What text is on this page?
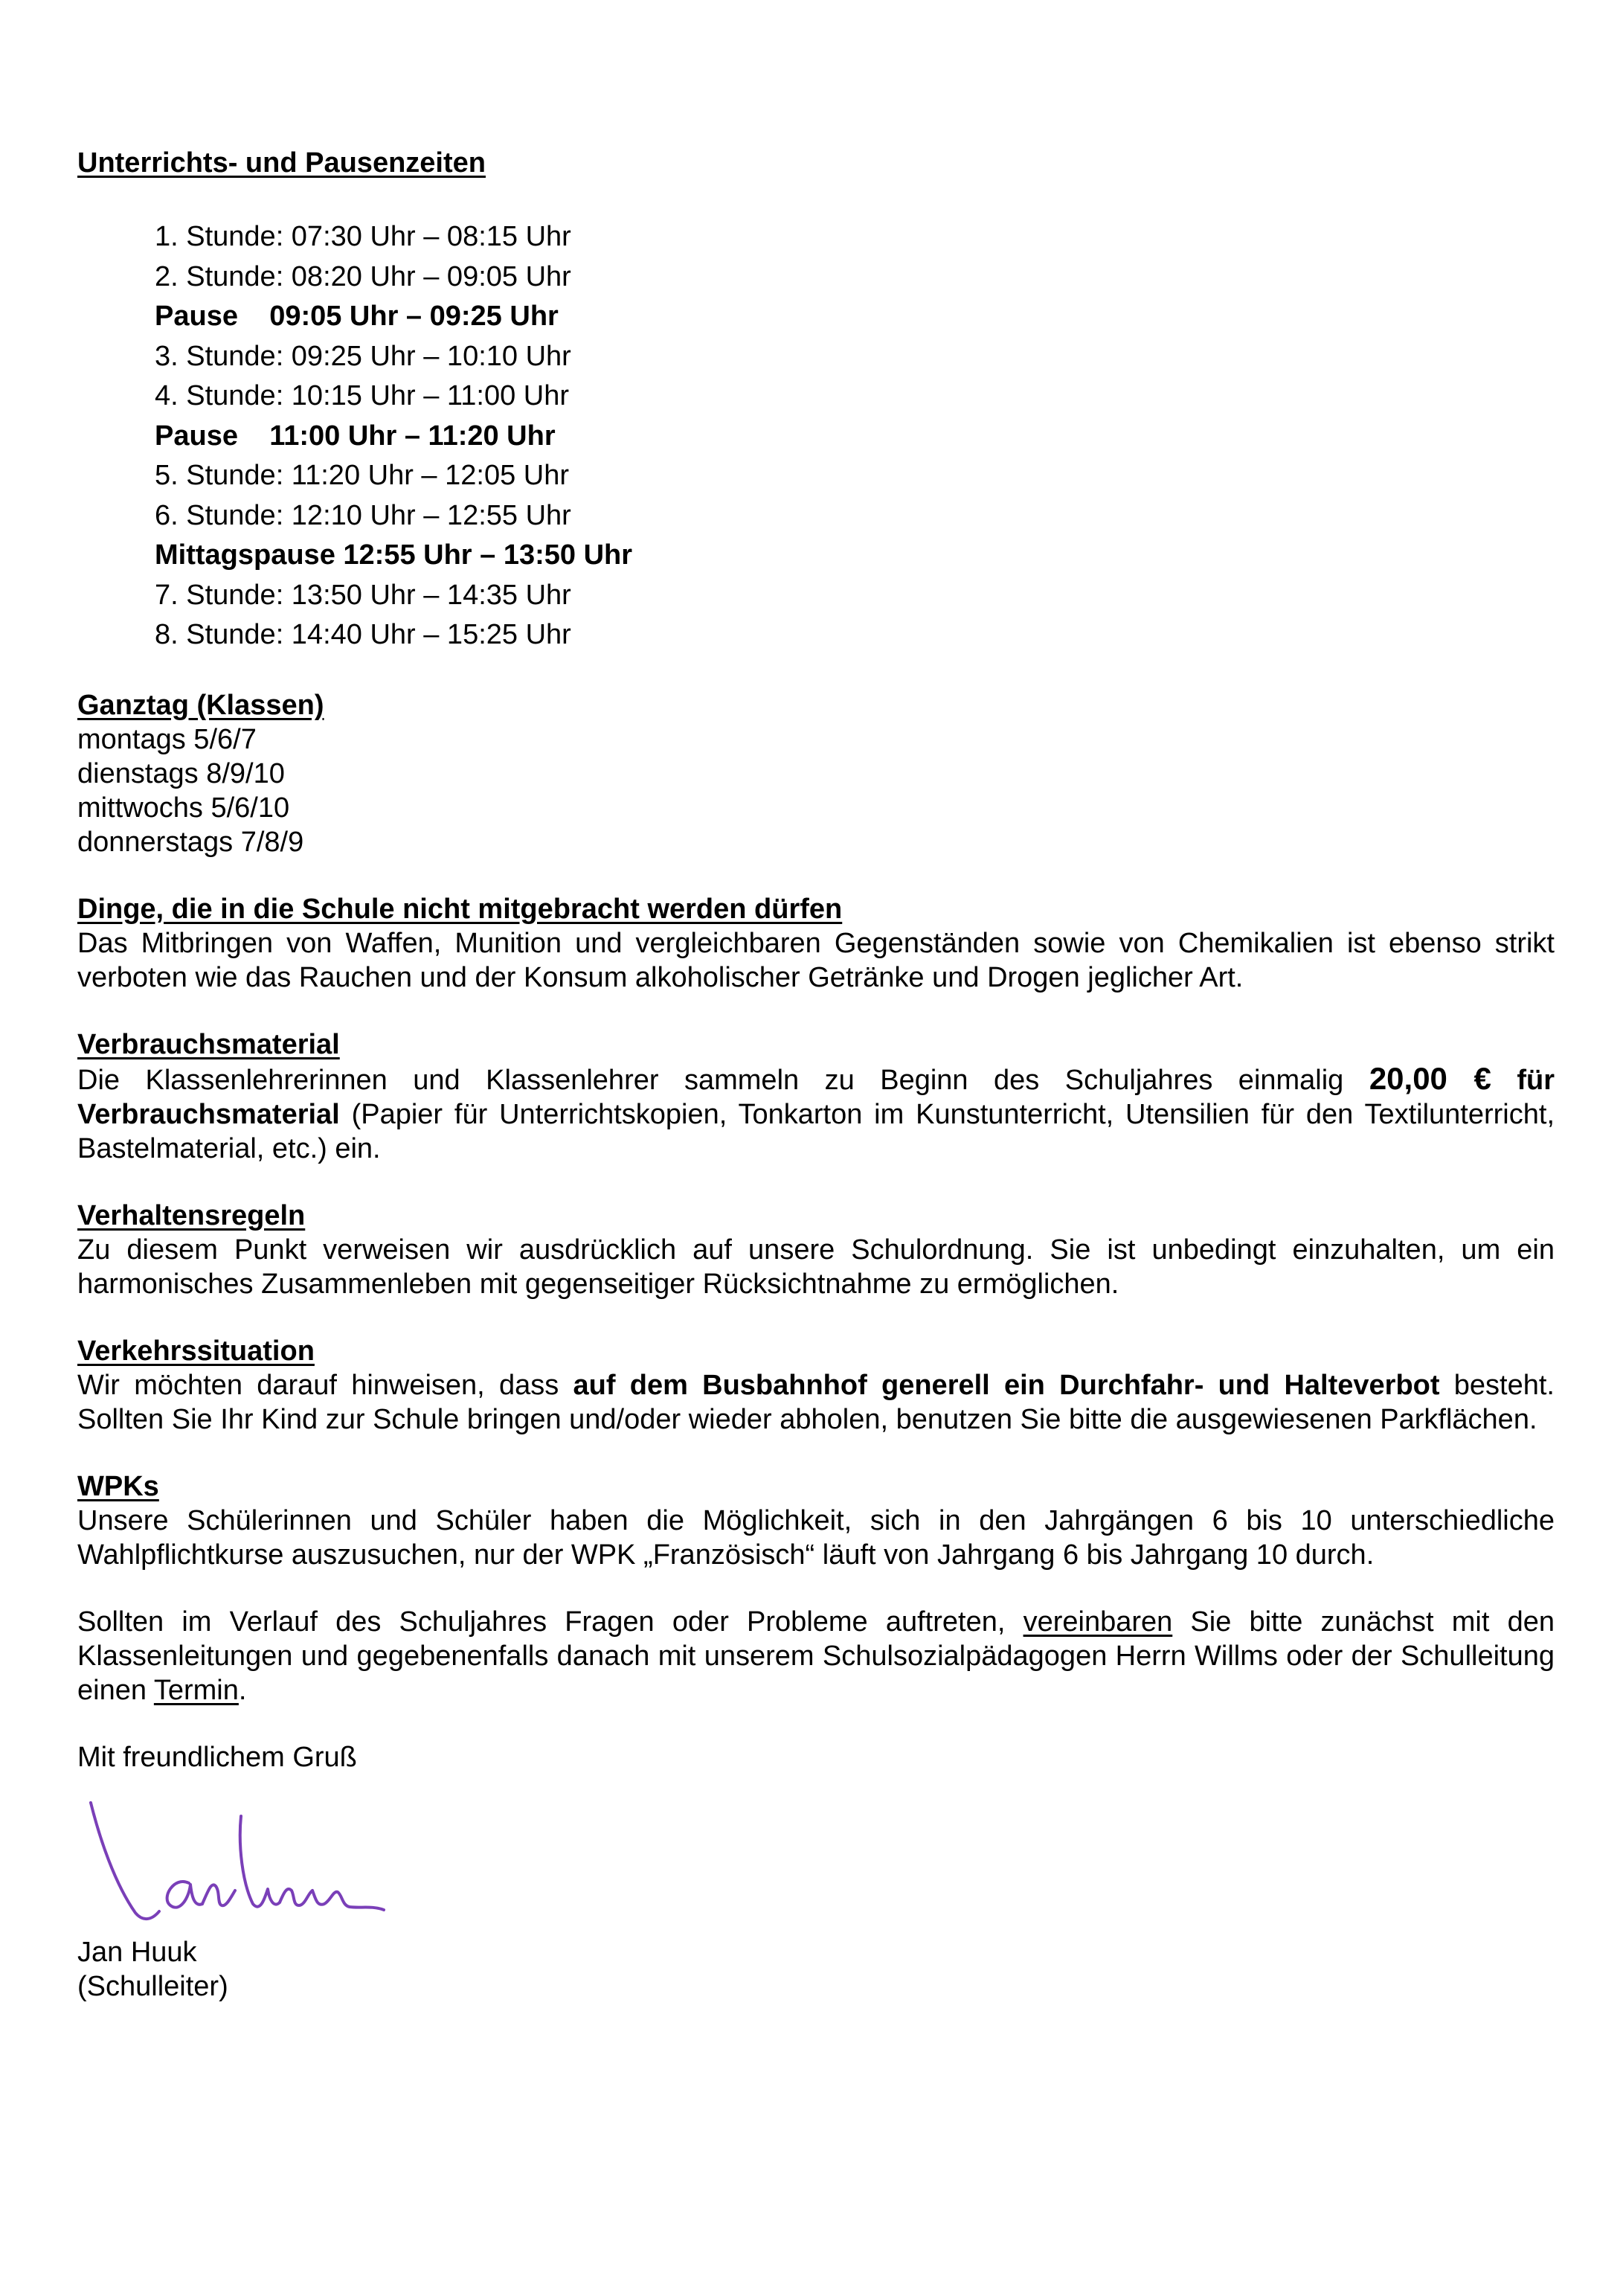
Unterrichts- und Pausenzeiten
1. Stunde: 07:30 Uhr – 08:15 Uhr
2. Stunde: 08:20 Uhr – 09:05 Uhr
Pause    09:05 Uhr – 09:25 Uhr
3. Stunde: 09:25 Uhr – 10:10 Uhr
4. Stunde: 10:15 Uhr – 11:00 Uhr
Pause    11:00 Uhr – 11:20 Uhr
5. Stunde: 11:20 Uhr – 12:05 Uhr
6. Stunde: 12:10 Uhr – 12:55 Uhr
Mittagspause 12:55 Uhr – 13:50 Uhr
7. Stunde: 13:50 Uhr – 14:35 Uhr
8. Stunde: 14:40 Uhr – 15:25 Uhr
Ganztag (Klassen)
montags 5/6/7
dienstags 8/9/10
mittwochs 5/6/10
donnerstags 7/8/9
Dinge, die in die Schule nicht mitgebracht werden dürfen
Das Mitbringen von Waffen, Munition und vergleichbaren Gegenständen sowie von Chemikalien ist ebenso strikt verboten wie das Rauchen und der Konsum alkoholischer Getränke und Drogen jeglicher Art.
Verbrauchsmaterial
Die Klassenlehrerinnen und Klassenlehrer sammeln zu Beginn des Schuljahres einmalig 20,00 € für Verbrauchsmaterial (Papier für Unterrichtskopien, Tonkarton im Kunstunterricht, Utensilien für den Textilunterricht, Bastelmaterial, etc.) ein.
Verhaltensregeln
Zu diesem Punkt verweisen wir ausdrücklich auf unsere Schulordnung. Sie ist unbedingt einzuhalten, um ein harmonisches Zusammenleben mit gegenseitiger Rücksichtnahme zu ermöglichen.
Verkehrssituation
Wir möchten darauf hinweisen, dass auf dem Busbahnhof generell ein Durchfahr- und Halteverbot besteht. Sollten Sie Ihr Kind zur Schule bringen und/oder wieder abholen, benutzen Sie bitte die ausgewiesenen Parkflächen.
WPKs
Unsere Schülerinnen und Schüler haben die Möglichkeit, sich in den Jahrgängen 6 bis 10 unterschiedliche Wahlpflichtkurse auszusuchen, nur der WPK „Französisch“ läuft von Jahrgang 6 bis Jahrgang 10 durch.
Sollten im Verlauf des Schuljahres Fragen oder Probleme auftreten, vereinbaren Sie bitte zunächst mit den Klassenleitungen und gegebenenfalls danach mit unserem Schulsozialpädagogen Herrn Willms oder der Schulleitung einen Termin.
Mit freundlichem Gruß
Jan Huuk
(Schulleiter)
